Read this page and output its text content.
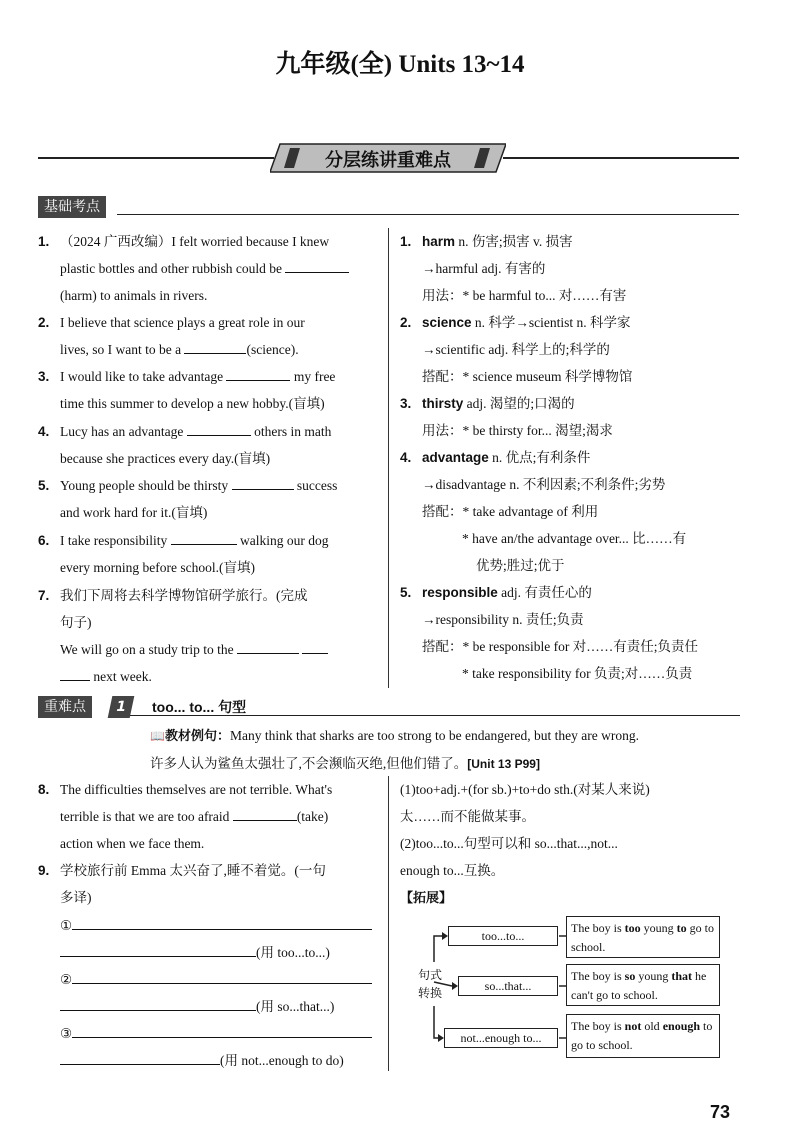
九年级(全) Units 13~14
分层练讲重难点
基础考点
1. （2024 广西改编）I felt worried because I knew
plastic bottles and other rubbish could be
(harm) to animals in rivers.
2. I believe that science plays a great role in our
lives, so I want to be a	(science).
3. I would like to take advantage	my free
time this summer to develop a new hobby.(盲填)
4. Lucy has an advantage	others in math
because she practices every day.(盲填)
5. Young people should be thirsty	success
and work hard for it.(盲填)
6. I take responsibility	walking our dog
every morning before school.(盲填)
7. 我们下周将去科学博物馆研学旅行。(完成
句子)
We will go on a study trip to the
next week.
1. harm n. 伤害;损害 v. 损害
→harmful adj. 有害的
用法：* be harmful to... 对……有害
2. science n. 科学→scientist n. 科学家
→scientific adj. 科学上的;科学的
搭配：* science museum 科学博物馆
3. thirsty adj. 渴望的;口渴的
用法：* be thirsty for... 渴望;渴求
4. advantage n. 优点;有利条件
→disadvantage n. 不利因素;不利条件;劣势
搭配：* take advantage of 利用
* have an/the advantage over... 比……有
优势;胜过;优于
5. responsible adj. 有责任心的
→responsibility n. 责任;负责
搭配：* be responsible for 对……有责任;负责任
* take responsibility for 负责;对……负责
重难点	1	too... to... 句型
📖教材例句：Many think that sharks are too strong to be endangered, but they are wrong.
许多人认为鲨鱼太强壮了,不会濒临灭绝,但他们错了。[Unit 13 P99]
8. The difficulties themselves are not terrible. What's
terrible is that we are too afraid	(take)
action when we face them.
9. 学校旅行前 Emma 太兴奋了,睡不着觉。(一句
多译)
①
(用 too...to...)
②
(用 so...that...)
③
(用 not...enough to do)
(1)too+adj.+(for sb.)+to+do sth.(对某人来说)
太……而不能做某事。
(2)too...to...句型可以和 so...that...,not...
enough to...互换。
【拓展】
句式
转换
too...to...
The boy is too young to go to school.
so...that...
The boy is so young that he can't go to school.
not...enough to...
The boy is not old enough to go to school.
73
